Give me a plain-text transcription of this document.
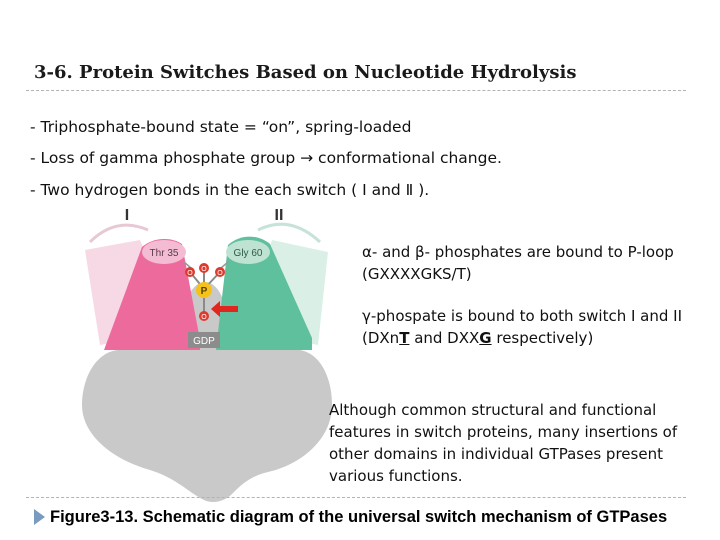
3-6. Protein Switches Based on Nucleotide Hydrolysis
- Triphosphate-bound state = “on”, spring-loaded
- Loss of gamma phosphate group → conformational change.
- Two hydrogen bonds in the each switch ( Ⅰ and Ⅱ ).
I	II
Thr 35	Gly 60
O
O	O
P
O
GDP
α- and β- phosphates are bound to P-loop (GXXXXGKS/T)
γ-phospate is bound to both switch I and II (DXnT and DXXG respectively)
Although common structural and functional features in switch proteins, many insertions of other domains in individual GTPases present various functions.
Figure3-13. Schematic diagram of the universal switch mechanism of GTPases
